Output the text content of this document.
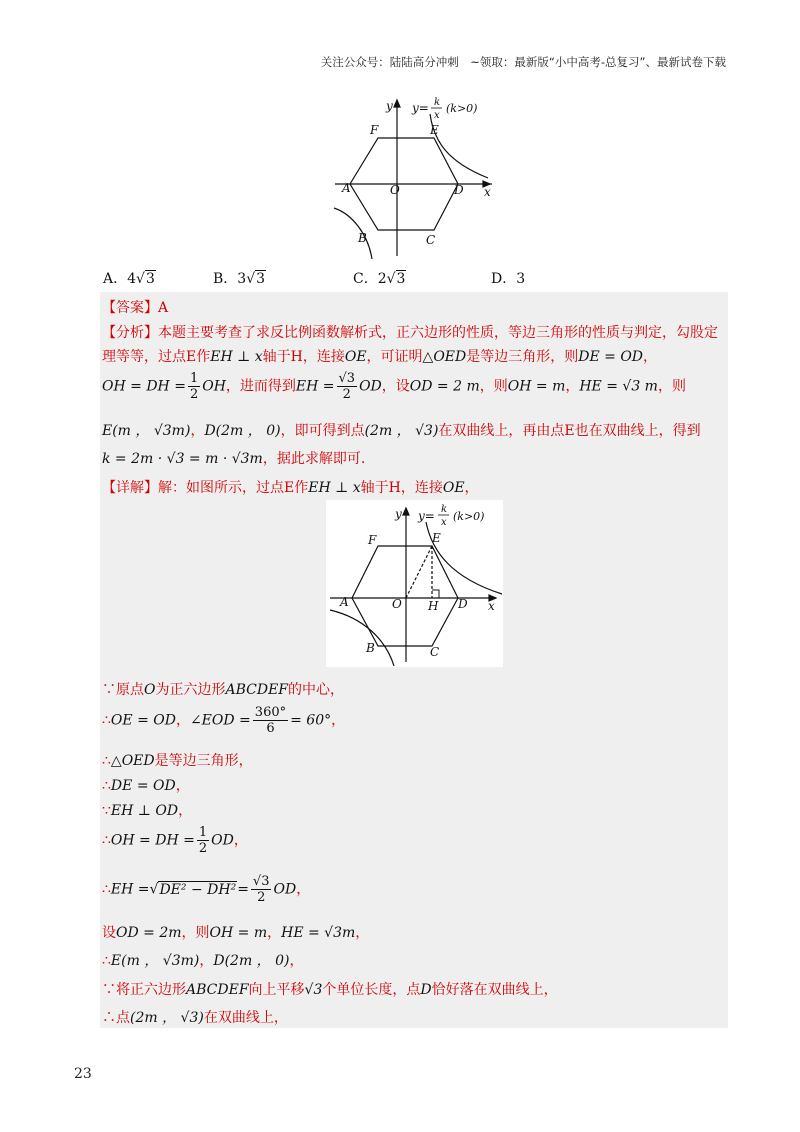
关注公众号：陆陆高分冲刺　~领取：最新版“小中高考-总复习”、最新试卷下载
y
x
y= k
x
(k>0)
A
B	C
D
E
F
O
A．4√3	B．3√3	C．2√3	D．3
【答案】A
【分析】本题主要考查了求反比例函数解析式，正六边形的性质，等边三角形的性质与判定，勾股定
理等等，过点E作EH ⊥ x轴于H，连接OE，可证明△OED是等边三角形，则DE = OD，
OH = DH = $\frac{1}{2}$ OH，进而得到EH = $\frac{√3}{2}$ OD，设OD = 2 m，则OH = m，HE = √3 m，则
E(m ， √3m)，D(2m ， 0)，即可得到点(2m ， √3)在双曲线上，再由点E也在双曲线上，得到
k = 2m · √3 = m · √3m，据此求解即可.
【详解】解：如图所示，过点E作EH ⊥ x轴于H，连接OE，
y
x
y= k
x (k>0)
A
B	C
D
E
F
O H
∵原点O为正六边形ABCDEF的中心，
∴OE = OD，∠EOD = $\frac{360^\circ}{6} = 60^\circ$，
∴△OED是等边三角形，
∴DE = OD，
∵EH ⊥ OD，
∴OH = DH = $\frac{1}{2}$ OD，
∴EH $=√DE^2 - DH^2= \frac{√3}{2}$ OD，
设OD = 2m，则OH = m，HE = √3m，
∴E(m ， √3m)，D(2m ， 0)，
∵将正六边形ABCDEF向上平移√3个单位长度，点D恰好落在双曲线上，
∴点(2m ， √3)在双曲线上，
23
